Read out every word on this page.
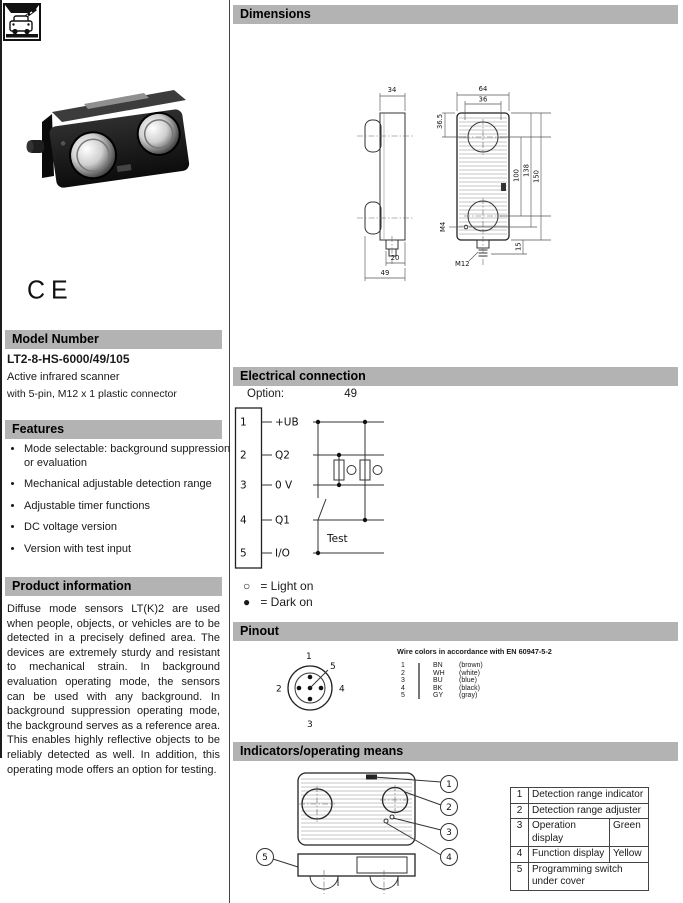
CE
Model Number
LT2-8-HS-6000/49/105
Active infrared scanner
with 5-pin, M12 x 1 plastic connector
Features
• Mode selectable: background suppression or evaluation
• Mechanical adjustable detection range
• Adjustable timer functions
• DC voltage version
• Version with test input
Product information
Diffuse mode sensors LT(K)2 are used when people, objects, or vehicles are to be detected in a precisely defined area. The devices are extremely sturdy and resistant to mechanical strain. In background evaluation operating mode, the sensors can be used with any background. In background suppression operating mode, the background serves as a reference area. This enables highly reflective objects to be reliably detected as well. In addition, this operating mode offers an option for testing.
Dimensions
34
20
49
64
36
36.5
100 138 150
M4
15
M12
Electrical connection
Option:	49
1	+UB
2	Q2
3	0 V
4	Q1
5	I/O
Test
○ = Light on
● = Dark on
Pinout
1
2
3
4
5
Wire colors in accordance with EN 60947-5-2
1	BN	(brown)
2	WH	(white)
3	BU	(blue)
4	BK	(black)
5	GY	(gray)
Indicators/operating means
1
2
3
4
5
1	Detection range indicator	
2	Detection range adjuster	
3	Operation display	Green
4	Function display	Yellow
5	Programming switch under cover	
